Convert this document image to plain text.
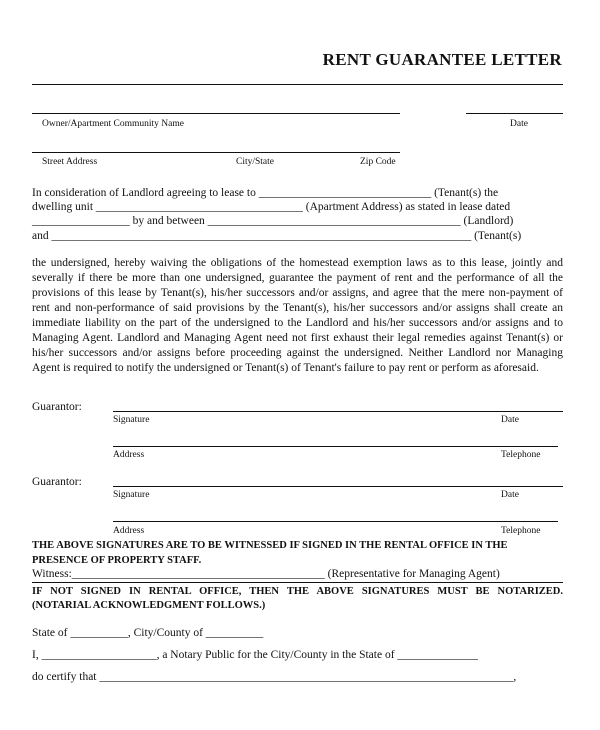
RENT GUARANTEE LETTER
Owner/Apartment Community Name	Date
Street Address	City/State	Zip Code
In consideration of Landlord agreeing to lease to ______________________________ (Tenant(s) the
dwelling unit ____________________________________ (Apartment Address) as stated in lease dated
_________________ by and between ____________________________________________ (Landlord)
and _________________________________________________________________________ (Tenant(s)
the undersigned, hereby waiving the obligations of the homestead exemption laws as to this lease, jointly and severally if there be more than one undersigned, guarantee the payment of rent and the performance of all the provisions of this lease by Tenant(s), his/her successors and/or assigns, and agree that the mere non-payment of rent and non-performance of said provisions by the Tenant(s), his/her successors and/or assigns shall create an immediate liability on the part of the undersigned to the Landlord and his/her successors and/or assigns and to Managing Agent. Landlord and Managing Agent need not first exhaust their legal remedies against Tenant(s) or his/her successors and/or assigns before proceeding against the undersigned. Neither Landlord nor Managing Agent is required to notify the undersigned or Tenant(s) of Tenant's failure to pay rent or perform as aforesaid.
Guarantor:
Signature	Date
Address	Telephone
Guarantor:
Signature	Date
Address	Telephone
THE ABOVE SIGNATURES ARE TO BE WITNESSED IF SIGNED IN THE RENTAL OFFICE IN THE PRESENCE OF PROPERTY STAFF.
Witness:____________________________________________ (Representative for Managing Agent)
IF NOT SIGNED IN RENTAL OFFICE, THEN THE ABOVE SIGNATURES MUST BE NOTARIZED.
(NOTARIAL ACKNOWLEDGMENT FOLLOWS.)
State of __________, City/County of __________
I, ____________________, a Notary Public for the City/County in the State of ______________
do certify that ________________________________________________________________________,
